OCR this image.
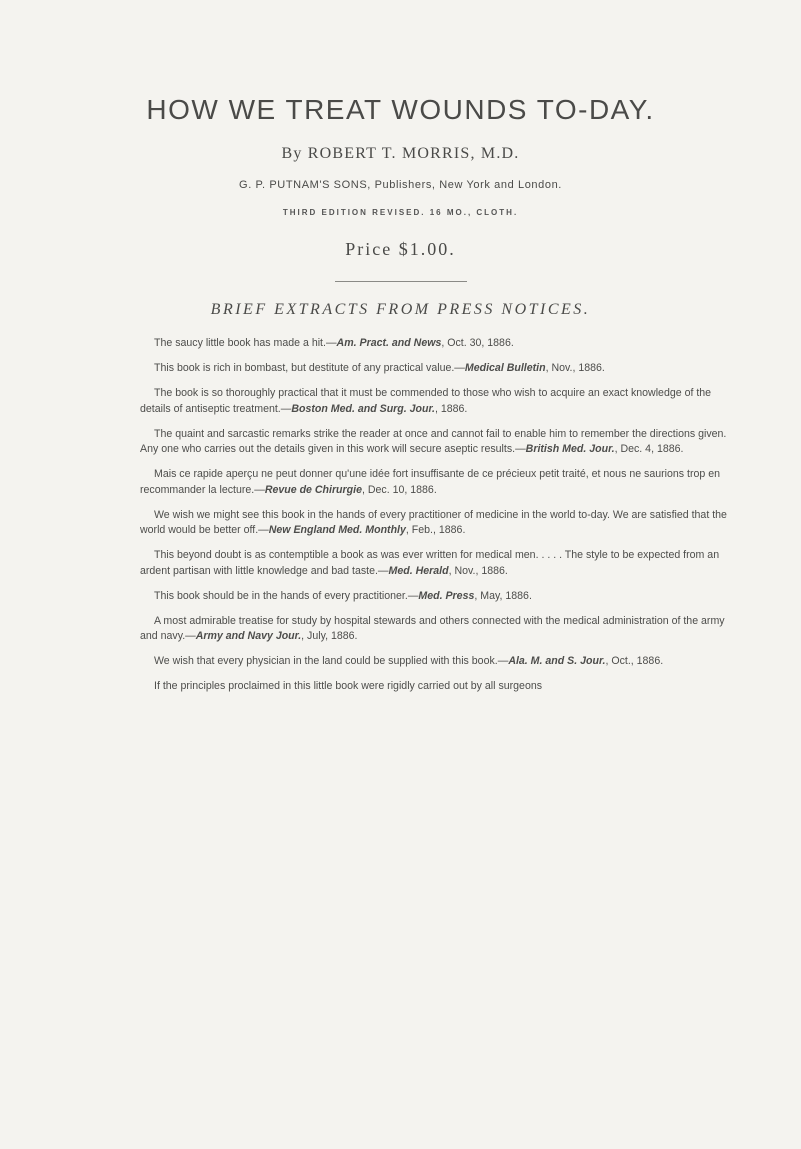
HOW WE TREAT WOUNDS TO-DAY.
By ROBERT T. MORRIS, M.D.
G. P. PUTNAM'S SONS, Publishers, New York and London.
THIRD EDITION REVISED. 16 MO., CLOTH.
Price $1.00.
BRIEF EXTRACTS FROM PRESS NOTICES.

The saucy little book has made a hit.—Am. Pract. and News, Oct. 30, 1886.

This book is rich in bombast, but destitute of any practical value.—Medical Bulletin, Nov., 1886.

The book is so thoroughly practical that it must be commended to those who wish to acquire an exact knowledge of the details of antiseptic treatment.—Boston Med. and Surg. Jour., 1886.

The quaint and sarcastic remarks strike the reader at once and cannot fail to enable him to remember the directions given. Any one who carries out the details given in this work will secure aseptic results.—British Med. Jour., Dec. 4, 1886.

Mais ce rapide aperçu ne peut donner qu'une idée fort insuffisante de ce précieux petit traité, et nous ne saurions trop en recommander la lecture.—Revue de Chirurgie, Dec. 10, 1886.

We wish we might see this book in the hands of every practitioner of medicine in the world to-day. We are satisfied that the world would be better off.—New England Med. Monthly, Feb., 1886.

This beyond doubt is as contemptible a book as was ever written for medical men. . . . . The style to be expected from an ardent partisan with little knowledge and bad taste.—Med. Herald, Nov., 1886.

This book should be in the hands of every practitioner.—Med. Press, May, 1886.

A most admirable treatise for study by hospital stewards and others connected with the medical administration of the army and navy.—Army and Navy Jour., July, 1886.

We wish that every physician in the land could be supplied with this book.—Ala. M. and S. Jour., Oct., 1886.

If the principles proclaimed in this little book were rigidly carried out by all surgeons
